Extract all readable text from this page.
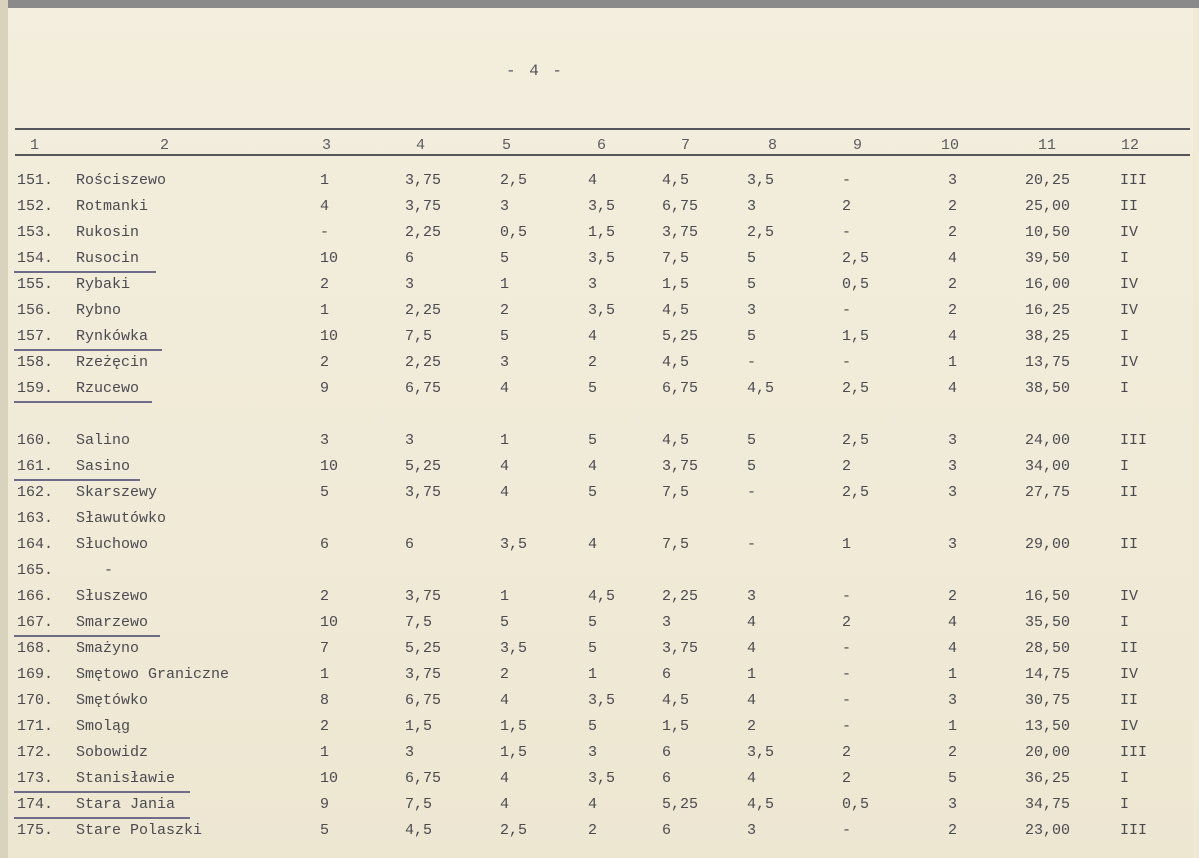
- 4 -
1	2	3	4	5	6	7	8	9	10	11	12
151. Rościszewo	1	3,75	2,5	4	4,5	3,5	-	3	20,25	III
152. Rotmanki	4	3,75	3	3,5	6,75	3	2	2	25,00	II
153. Rukosin	-	2,25	0,5	1,5	3,75	2,5	-	2	10,50	IV
154. Rusocin	10	6	5	3,5	7,5	5	2,5	4	39,50	I
155. Rybaki	2	3	1	3	1,5	5	0,5	2	16,00	IV
156. Rybno	1	2,25	2	3,5	4,5	3	-	2	16,25	IV
157. Rynkówka	10	7,5	5	4	5,25	5	1,5	4	38,25	I
158. Rzeżęcin	2	2,25	3	2	4,5	-	-	1	13,75	IV
159. Rzucewo	9	6,75	4	5	6,75	4,5	2,5	4	38,50	I
160. Salino	3	3	1	5	4,5	5	2,5	3	24,00	III
161. Sasino	10	5,25	4	4	3,75	5	2	3	34,00	I
162. Skarszewy	5	3,75	4	5	7,5	-	2,5	3	27,75	II
163. Sławutówko
164. Słuchowo	6	6	3,5	4	7,5	-	1	3	29,00	II
165.	-
166. Słuszewo	2	3,75	1	4,5	2,25	3	-	2	16,50	IV
167. Smarzewo	10	7,5	5	5	3	4	2	4	35,50	I
168. Smażyno	7	5,25	3,5	5	3,75	4	-	4	28,50	II
169. Smętowo Graniczne	1	3,75	2	1	6	1	-	1	14,75	IV
170. Smętówko	8	6,75	4	3,5	4,5	4	-	3	30,75	II
171. Smoląg	2	1,5	1,5	5	1,5	2	-	1	13,50	IV
172. Sobowidz	1	3	1,5	3	6	3,5	2	2	20,00	III
173. Stanisławie	10	6,75	4	3,5	6	4	2	5	36,25	I
174. Stara Jania	9	7,5	4	4	5,25	4,5	0,5	3	34,75	I
175. Stare Polaszki	5	4,5	2,5	2	6	3	-	2	23,00	III
